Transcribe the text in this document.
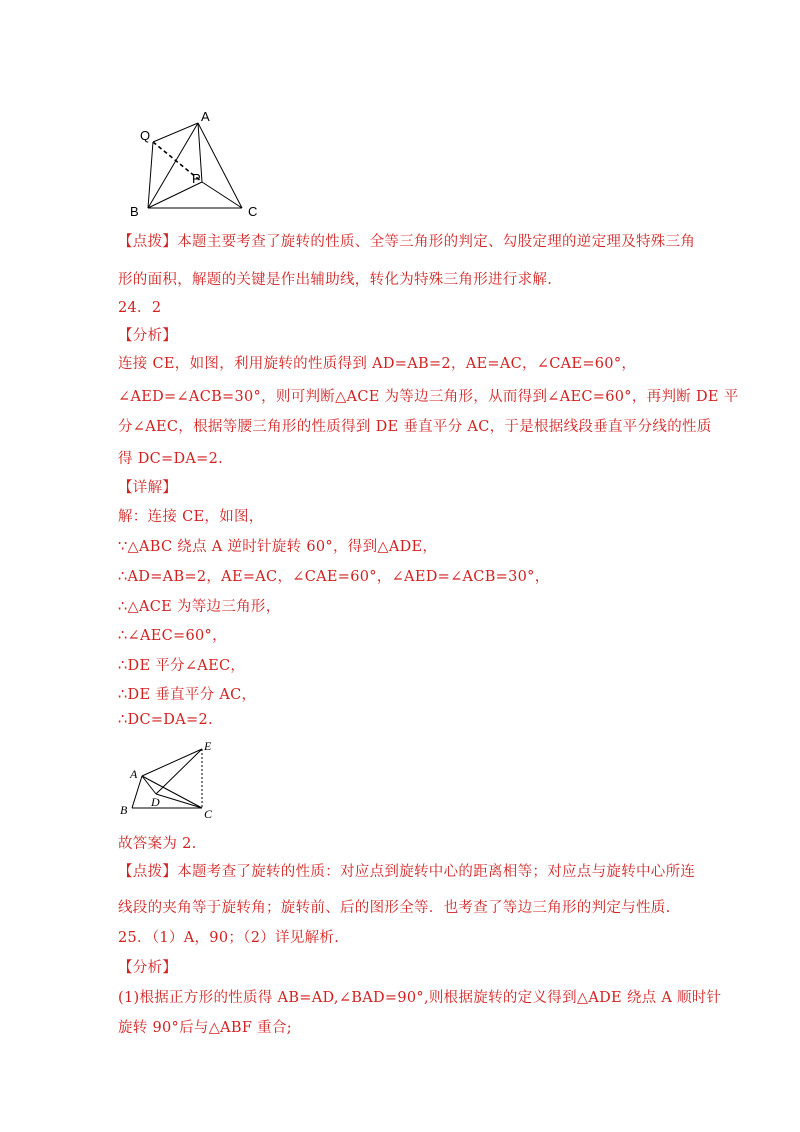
Q
A
P
B	C
【点拨】本题主要考查了旋转的性质、全等三角形的判定、勾股定理的逆定理及特殊三角
形的面积，解题的关键是作出辅助线，转化为特殊三角形进行求解.
24．2
【分析】
连接 CE，如图，利用旋转的性质得到 AD=AB=2，AE=AC，∠CAE=60°，
∠AED=∠ACB=30°，则可判断△ACE 为等边三角形，从而得到∠AEC=60°，再判断 DE 平
分∠AEC，根据等腰三角形的性质得到 DE 垂直平分 AC，于是根据线段垂直平分线的性质
得 DC=DA=2.
【详解】
解：连接 CE，如图，
∵△ABC 绕点 A 逆时针旋转 60°，得到△ADE，
∴AD=AB=2，AE=AC，∠CAE=60°，∠AED=∠ACB=30°，
∴△ACE 为等边三角形，
∴∠AEC=60°，
∴DE 平分∠AEC，
∴DE 垂直平分 AC，
∴DC=DA=2.
E
A
D
B	C
故答案为 2.
【点拨】本题考查了旋转的性质：对应点到旋转中心的距离相等；对应点与旋转中心所连
线段的夹角等于旋转角；旋转前、后的图形全等．也考查了等边三角形的判定与性质.
25．（1）A，90；（2）详见解析.
【分析】
(1)根据正方形的性质得 AB=AD,∠BAD=90°,则根据旋转的定义得到△ADE 绕点 A 顺时针
旋转 90°后与△ABF 重合;
